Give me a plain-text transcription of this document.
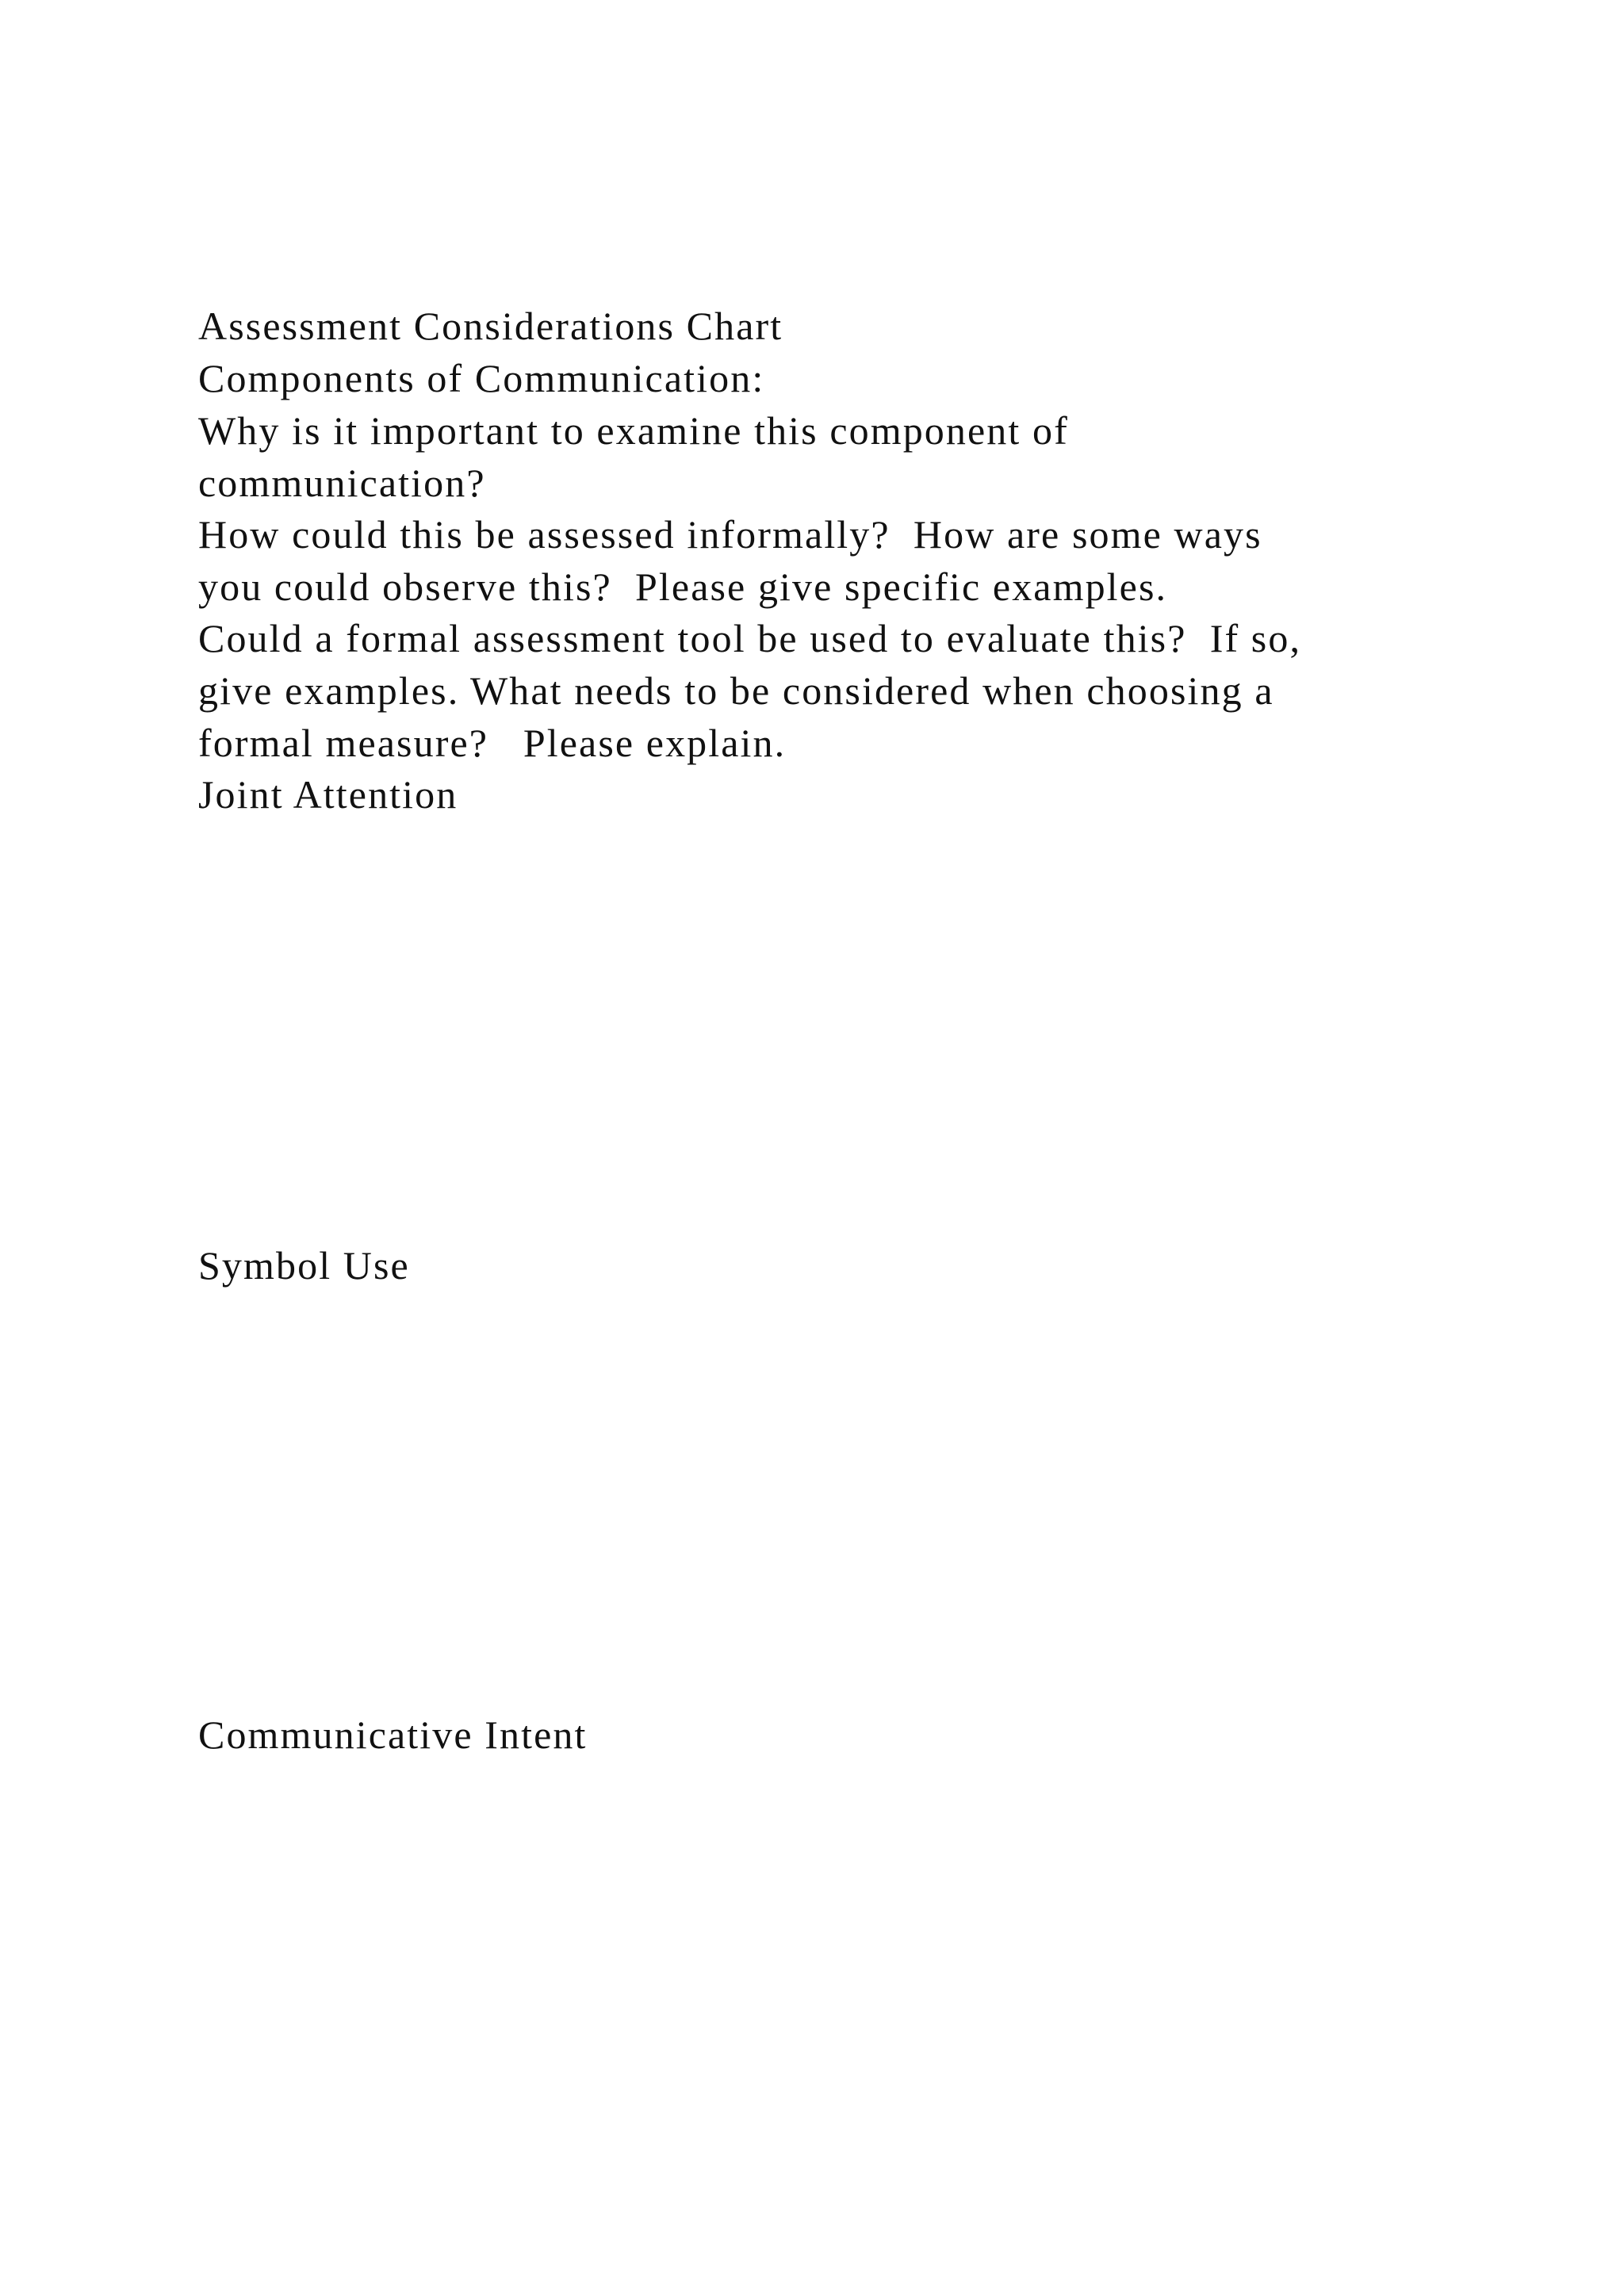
Assessment Considerations Chart
Components of Communication:
Why is it important to examine this component of
communication?
How could this be assessed informally?  How are some ways
you could observe this?  Please give specific examples.
Could a formal assessment tool be used to evaluate this?  If so,
give examples. What needs to be considered when choosing a
formal measure?   Please explain.
Joint Attention
Symbol Use
Communicative Intent
